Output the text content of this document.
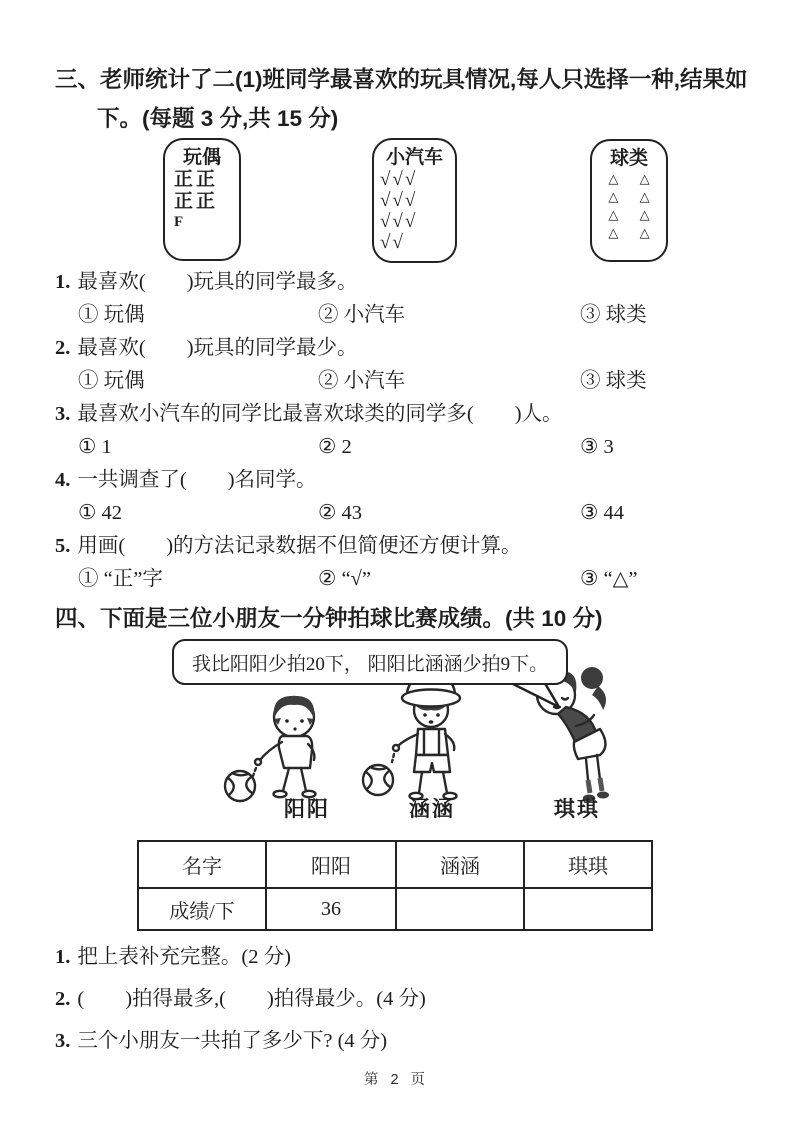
三、老师统计了二(1)班同学最喜欢的玩具情况,每人只选择一种,结果如
下。(每题 3 分,共 15 分)
玩偶
正正
正正
F
小汽车
√√√
√√√
√√√
√√
球类
△ △
△ △
△ △
△ △
1. 最喜欢(　　)玩具的同学最多。
① 玩偶	② 小汽车	③ 球类
2. 最喜欢(　　)玩具的同学最少。
① 玩偶	② 小汽车	③ 球类
3. 最喜欢小汽车的同学比最喜欢球类的同学多(　　)人。
① 1	② 2	③ 3
4. 一共调查了(　　)名同学。
① 42	② 43	③ 44
5. 用画(　　)的方法记录数据不但简便还方便计算。
① “正”字	② “√”	③ “△”
四、下面是三位小朋友一分钟拍球比赛成绩。(共 10 分)
我比阳阳少拍20下， 阳阳比涵涵少拍9下。
阳阳	涵涵	琪琪
名字	阳阳	涵涵	琪琪
成绩/下	36		
1. 把上表补充完整。(2 分)
2. (　　)拍得最多,(　　)拍得最少。(4 分)
3. 三个小朋友一共拍了多少下? (4 分)
第 2 页
